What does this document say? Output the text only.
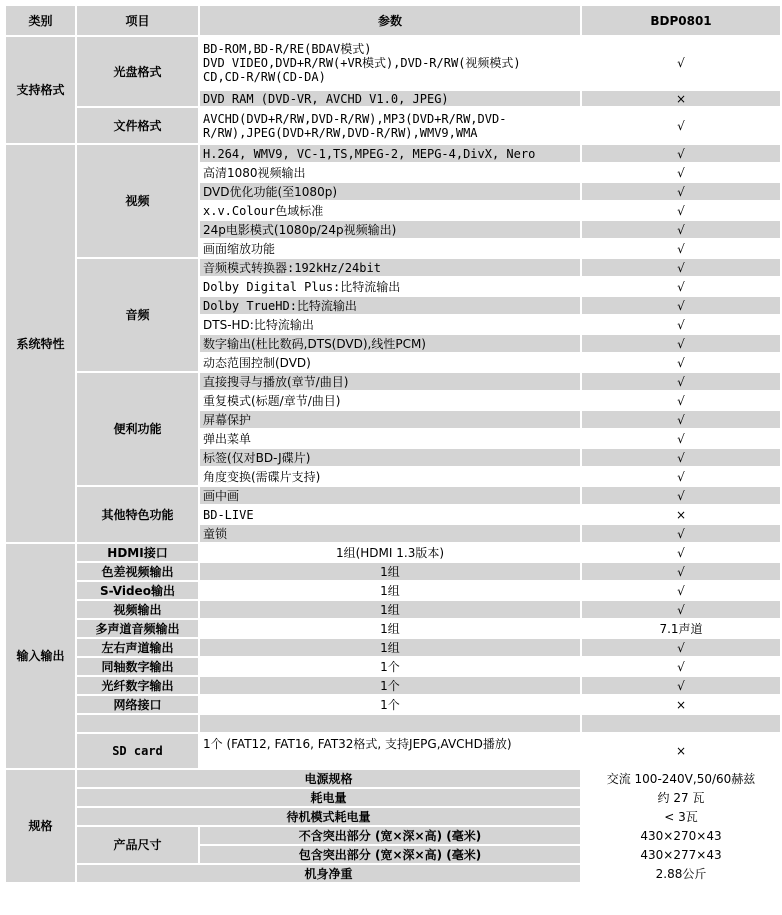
类别	项目	参数	BDP0801
支持格式	光盘格式	BD-ROM,BD-R/RE(BDAV模式)
DVD VIDEO,DVD+R/RW(+VR模式),DVD-R/RW(视频模式)
CD,CD-R/RW(CD-DA)	√
		DVD RAM (DVD-VR, AVCHD V1.0, JPEG)	×
	文件格式	AVCHD(DVD+R/RW,DVD-R/RW),MP3(DVD+R/RW,DVD-
R/RW),JPEG(DVD+R/RW,DVD-R/RW),WMV9,WMA	√
系统特性	视频	H.264, WMV9, VC-1,TS,MPEG-2, MEPG-4,DivX, Nero	√
		高清1080视频输出	√
		DVD优化功能(至1080p)	√
		x.v.Colour色域标准	√
		24p电影模式(1080p/24p视频输出)	√
		画面缩放功能	√
	音频	音频模式转换器:192kHz/24bit	√
		Dolby Digital Plus:比特流输出	√
		Dolby TrueHD:比特流输出	√
		DTS-HD:比特流输出	√
		数字输出(杜比数码,DTS(DVD),线性PCM)	√
		动态范围控制(DVD)	√
	便利功能	直接搜寻与播放(章节/曲目)	√
		重复模式(标题/章节/曲目)	√
		屏幕保护	√
		弹出菜单	√
		标签(仅对BD-J碟片)	√
		角度变换(需碟片支持)	√
	其他特色功能	画中画	√
		BD-LIVE	×
		童锁	√
输入输出	HDMI接口	1组(HDMI 1.3版本)	√
	色差视频输出	1组	√
	S-Video输出	1组	√
	视频输出	1组	√
	多声道音频输出	1组	7.1声道
	左右声道输出	1组	√
	同轴数字输出	1个	√
	光纤数字输出	1个	√
	网络接口	1个	×

	SD card	1个 (FAT12, FAT16, FAT32格式, 支持JEPG,AVCHD播放)	×
规格	电源规格		交流 100-240V,50/60赫兹
	耗电量		约 27 瓦
	待机模式耗电量		< 3瓦
	产品尺寸	不含突出部分 (宽×深×高) (毫米)	430×270×43
		包含突出部分 (宽×深×高) (毫米)	430×277×43
	机身净重		2.88公斤
